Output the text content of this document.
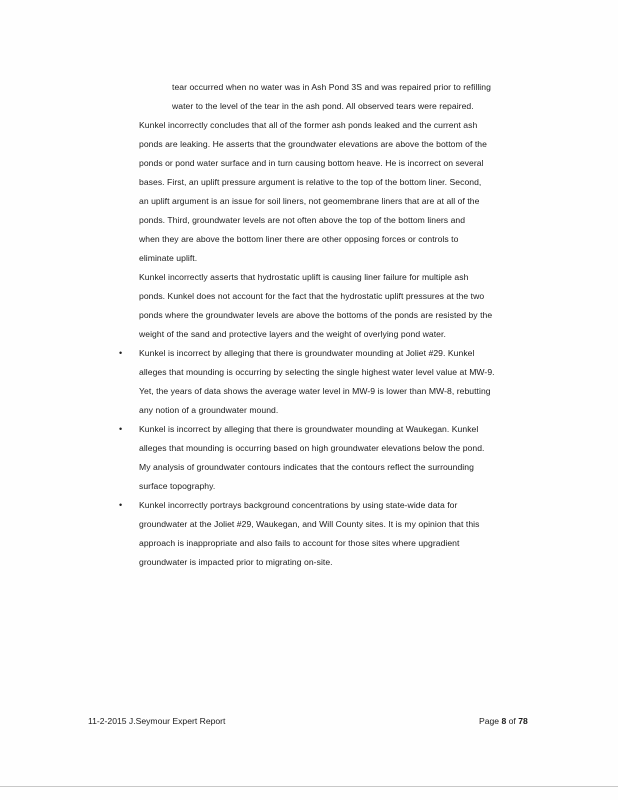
tear occurred when no water was in Ash Pond 3S and was repaired prior to refilling
water to the level of the tear in the ash pond. All observed tears were repaired.
Kunkel incorrectly concludes that all of the former ash ponds leaked and the current ash
ponds are leaking. He asserts that the groundwater elevations are above the bottom of the
ponds or pond water surface and in turn causing bottom heave. He is incorrect on several
bases. First, an uplift pressure argument is relative to the top of the bottom liner. Second,
an uplift argument is an issue for soil liners, not geomembrane liners that are at all of the
ponds. Third, groundwater levels are not often above the top of the bottom liners and
when they are above the bottom liner there are other opposing forces or controls to
eliminate uplift.
Kunkel incorrectly asserts that hydrostatic uplift is causing liner failure for multiple ash
ponds. Kunkel does not account for the fact that the hydrostatic uplift pressures at the two
ponds where the groundwater levels are above the bottoms of the ponds are resisted by the
weight of the sand and protective layers and the weight of overlying pond water.
• Kunkel is incorrect by alleging that there is groundwater mounding at Joliet #29. Kunkel
alleges that mounding is occurring by selecting the single highest water level value at MW-9.
Yet, the years of data shows the average water level in MW-9 is lower than MW-8, rebutting
any notion of a groundwater mound.
• Kunkel is incorrect by alleging that there is groundwater mounding at Waukegan. Kunkel
alleges that mounding is occurring based on high groundwater elevations below the pond.
My analysis of groundwater contours indicates that the contours reflect the surrounding
surface topography.
• Kunkel incorrectly portrays background concentrations by using state-wide data for
groundwater at the Joliet #29, Waukegan, and Will County sites. It is my opinion that this
approach is inappropriate and also fails to account for those sites where upgradient
groundwater is impacted prior to migrating on-site.
11-2-2015 J.Seymour Expert Report	Page 8 of 78
